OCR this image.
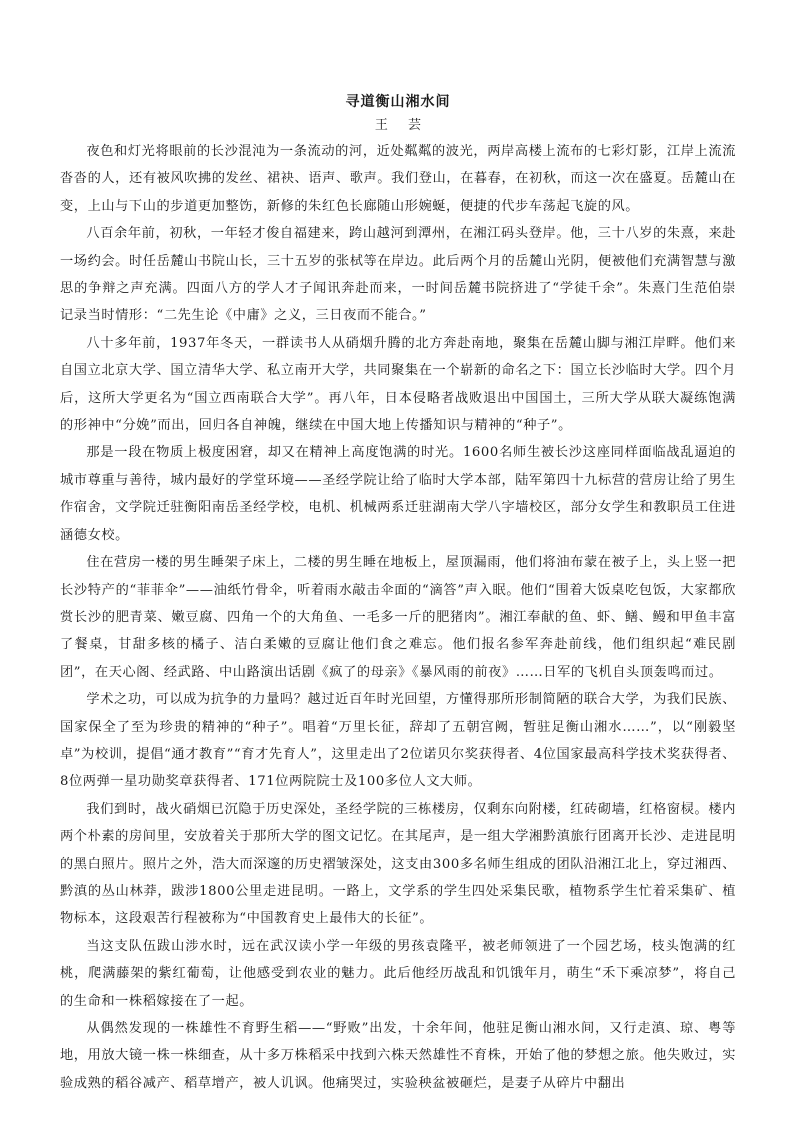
寻道衡山湘水间
王 芸

夜色和灯光将眼前的长沙混沌为一条流动的河，近处粼粼的波光，两岸高楼上流布的七彩灯影，江岸上流流沓沓的人，还有被风吹拂的发丝、裙袂、语声、歌声。我们登山，在暮春，在初秋，而这一次在盛夏。岳麓山在变，上山与下山的步道更加整饬，新修的朱红色长廊随山形婉蜒，便捷的代步车荡起飞旋的风。

八百余年前，初秋，一年轻才俊自福建来，跨山越河到潭州，在湘江码头登岸。他，三十八岁的朱熹，来赴一场约会。时任岳麓山书院山长，三十五岁的张栻等在岸边。此后两个月的岳麓山光阴，便被他们充满智慧与激思的争辩之声充满。四面八方的学人才子闻讯奔赴而来，一时间岳麓书院挤进了“学徒千余”。朱熹门生范伯崇记录当时情形：“二先生论《中庸》之义，三日夜而不能合。”

八十多年前，1937年冬天，一群读书人从硝烟升腾的北方奔赴南地，聚集在岳麓山脚与湘江岸畔。他们来自国立北京大学、国立清华大学、私立南开大学，共同聚集在一个崭新的命名之下：国立长沙临时大学。四个月后，这所大学更名为“国立西南联合大学”。再八年，日本侵略者战败退出中国国土，三所大学从联大凝练饱满的形神中“分娩”而出，回归各自神魄，继续在中国大地上传播知识与精神的“种子”。

那是一段在物质上极度困窘，却又在精神上高度饱满的时光。1600名师生被长沙这座同样面临战乱逼迫的城市尊重与善待，城内最好的学堂环境——圣经学院让给了临时大学本部，陆军第四十九标营的营房让给了男生作宿舍，文学院迁驻衡阳南岳圣经学校，电机、机械两系迁驻湖南大学八字墙校区，部分女学生和教职员工住进涵德女校。

住在营房一楼的男生睡架子床上，二楼的男生睡在地板上，屋顶漏雨，他们将油布蒙在被子上，头上竖一把长沙特产的“菲菲伞”——油纸竹骨伞，听着雨水敲击伞面的“滴答”声入眠。他们“围着大饭桌吃包饭，大家都欣赏长沙的肥青菜、嫩豆腐、四角一个的大角鱼、一毛多一斤的肥猪肉”。湘江奉献的鱼、虾、鳝、鳗和甲鱼丰富了餐桌，甘甜多核的橘子、洁白柔嫩的豆腐让他们食之难忘。他们报名参军奔赴前线，他们组织起“难民剧团”，在天心阁、经武路、中山路演出话剧《疯了的母亲》《暴风雨的前夜》……日军的飞机自头顶轰鸣而过。

学术之功，可以成为抗争的力量吗？越过近百年时光回望，方懂得那所形制简陋的联合大学，为我们民族、国家保全了至为珍贵的精神的“种子”。唱着“万里长征，辞却了五朝宫阙，暂驻足衡山湘水……”，以“刚毅坚卓”为校训，提倡“通才教育”“育才先育人”，这里走出了2位诺贝尔奖获得者、4位国家最高科学技术奖获得者、8位两弹一星功勋奖章获得者、171位两院院士及100多位人文大师。

我们到时，战火硝烟已沉隐于历史深处，圣经学院的三栋楼房，仅剩东向附楼，红砖砌墙，红格窗棂。楼内两个朴素的房间里，安放着关于那所大学的图文记忆。在其尾声，是一组大学湘黔滇旅行团离开长沙、走进昆明的黑白照片。照片之外，浩大而深邃的历史褶皱深处，这支由300多名师生组成的团队沿湘江北上，穿过湘西、黔滇的丛山林莽，跋涉1800公里走进昆明。一路上，文学系的学生四处采集民歌，植物系学生忙着采集矿、植物标本，这段艰苦行程被称为“中国教育史上最伟大的长征”。

当这支队伍跋山涉水时，远在武汉读小学一年级的男孩袁隆平，被老师领进了一个园艺场，枝头饱满的红桃，爬满藤架的紫红葡萄，让他感受到农业的魅力。此后他经历战乱和饥饿年月，萌生“禾下乘凉梦”，将自己的生命和一株稻嫁接在了一起。

从偶然发现的一株雄性不育野生稻——“野败”出发，十余年间，他驻足衡山湘水间，又行走滇、琼、粤等地，用放大镜一株一株细查，从十多万株稻采中找到六株天然雄性不育株，开始了他的梦想之旅。他失败过，实验成熟的稻谷减产、稻草增产，被人讥讽。他痛哭过，实验秧盆被砸烂，是妻子从碎片中翻出
